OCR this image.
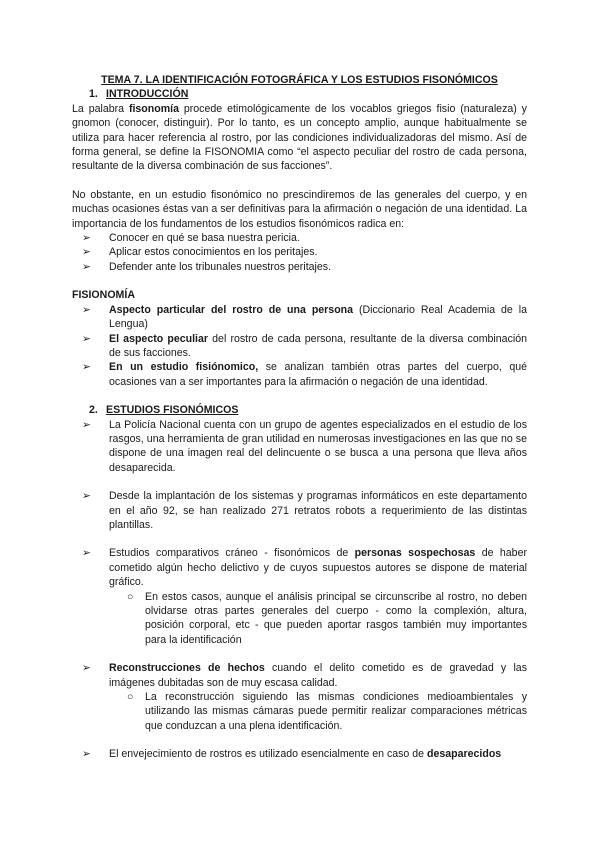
TEMA 7. LA IDENTIFICACIÓN FOTOGRÁFICA Y LOS ESTUDIOS FISONÓMICOS

1. INTRODUCCIÓN

La palabra fisonomía procede etimológicamente de los vocablos griegos fisio (naturaleza) y gnomon (conocer, distinguir). Por lo tanto, es un concepto amplio, aunque habitualmente se utiliza para hacer referencia al rostro, por las condiciones individualizadoras del mismo. Así de forma general, se define la FISONOMIA como “el aspecto peculiar del rostro de cada persona, resultante de la diversa combinación de sus facciones”.

No obstante, en un estudio fisonómico no prescindiremos de las generales del cuerpo, y en muchas ocasiones éstas van a ser definitivas para la afirmación o negación de una identidad. La importancia de los fundamentos de los estudios fisonómicos radica en:

➢ Conocer en qué se basa nuestra pericia.
➢ Aplicar estos conocimientos en los peritajes.
➢ Defender ante los tribunales nuestros peritajes.
FISIONOMÍA
➢ Aspecto particular del rostro de una persona (Diccionario Real Academia de la Lengua)
➢ El aspecto peculiar del rostro de cada persona, resultante de la diversa combinación de sus facciones.
➢ En un estudio fisiónomico, se analizan también otras partes del cuerpo, qué ocasiones van a ser importantes para la afirmación o negación de una identidad.
2. ESTUDIOS FISONÓMICOS
➢ La Policía Nacional cuenta con un grupo de agentes especializados en el estudio de los rasgos, una herramienta de gran utilidad en numerosas investigaciones en las que no se dispone de una imagen real del delincuente o se busca a una persona que lleva años desaparecida.
➢ Desde la implantación de los sistemas y programas informáticos en este departamento en el año 92, se han realizado 271 retratos robots a requerimiento de las distintas plantillas.
➢ Estudios comparativos cráneo - fisonómicos de personas sospechosas de haber cometido algún hecho delictivo y de cuyos supuestos autores se dispone de material gráfico.
○ En estos casos, aunque el análisis principal se circunscribe al rostro, no deben olvidarse otras partes generales del cuerpo - como la complexión, altura, posición corporal, etc - que pueden aportar rasgos también muy importantes para la identificación
➢ Reconstrucciones de hechos cuando el delito cometido es de gravedad y las imágenes dubitadas son de muy escasa calidad.
○ La reconstrucción siguiendo las mismas condiciones medioambientales y utilizando las mismas cámaras puede permitir realizar comparaciones métricas que conduzcan a una plena identificación.
➢ El envejecimiento de rostros es utilizado esencialmente en caso de desaparecidos
